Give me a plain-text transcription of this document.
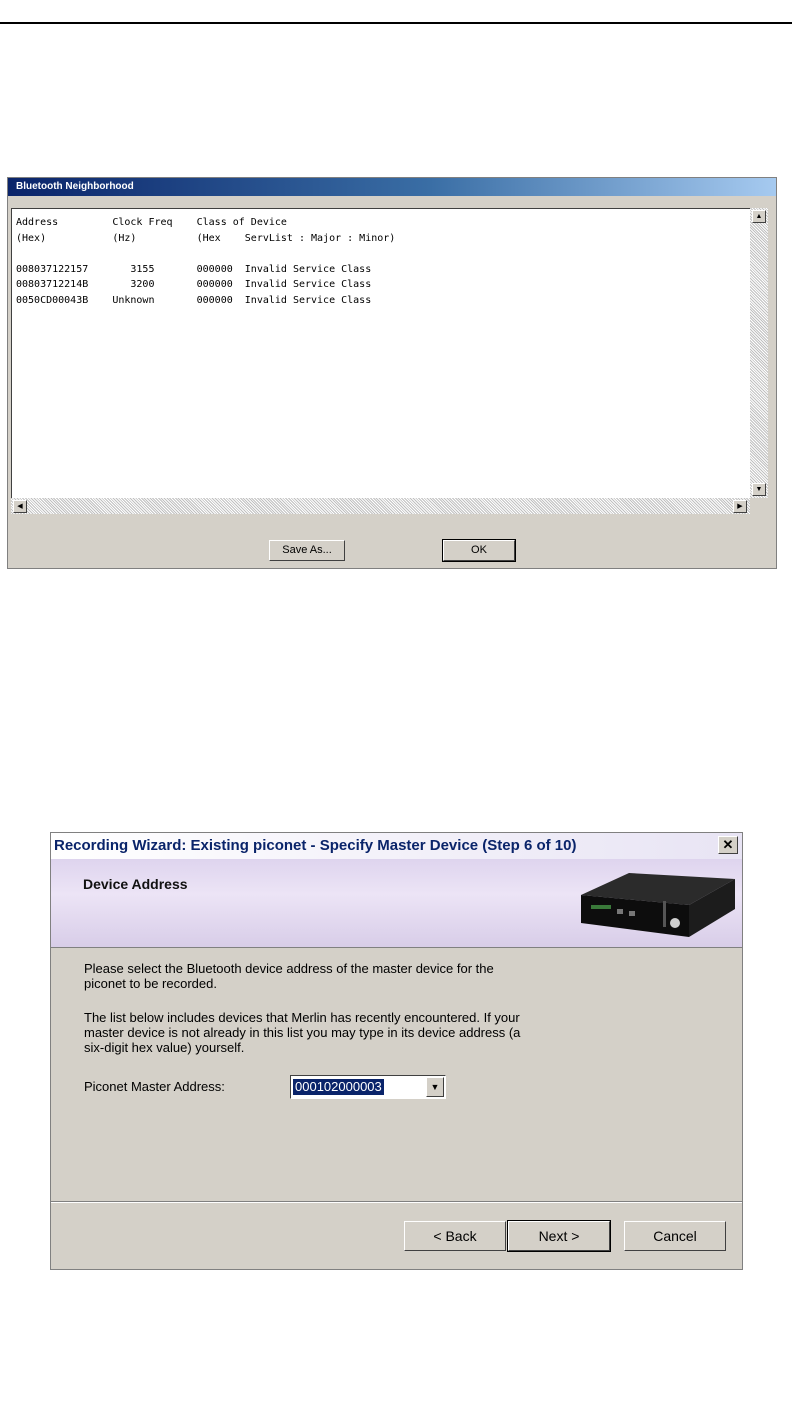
Bluetooth Neighborhood
Address         Clock Freq    Class of Device
(Hex)           (Hz)          (Hex    ServList : Major : Minor)

008037122157       3155       000000  Invalid Service Class
00803712214B       3200       000000  Invalid Service Class
0050CD00043B    Unknown       000000  Invalid Service Class
▲
▼
◀	▶
Save As...	OK
Recording Wizard: Existing piconet - Specify Master Device (Step 6 of 10)	✕
Device Address
Please select the Bluetooth device address of the master device for the
piconet to be recorded.
The list below includes devices that Merlin has recently encountered. If your
master device is not already in this list you may type in its device address (a
six-digit hex value) yourself.
Piconet Master Address:	000102000003	▼
< Back	Next >	Cancel
